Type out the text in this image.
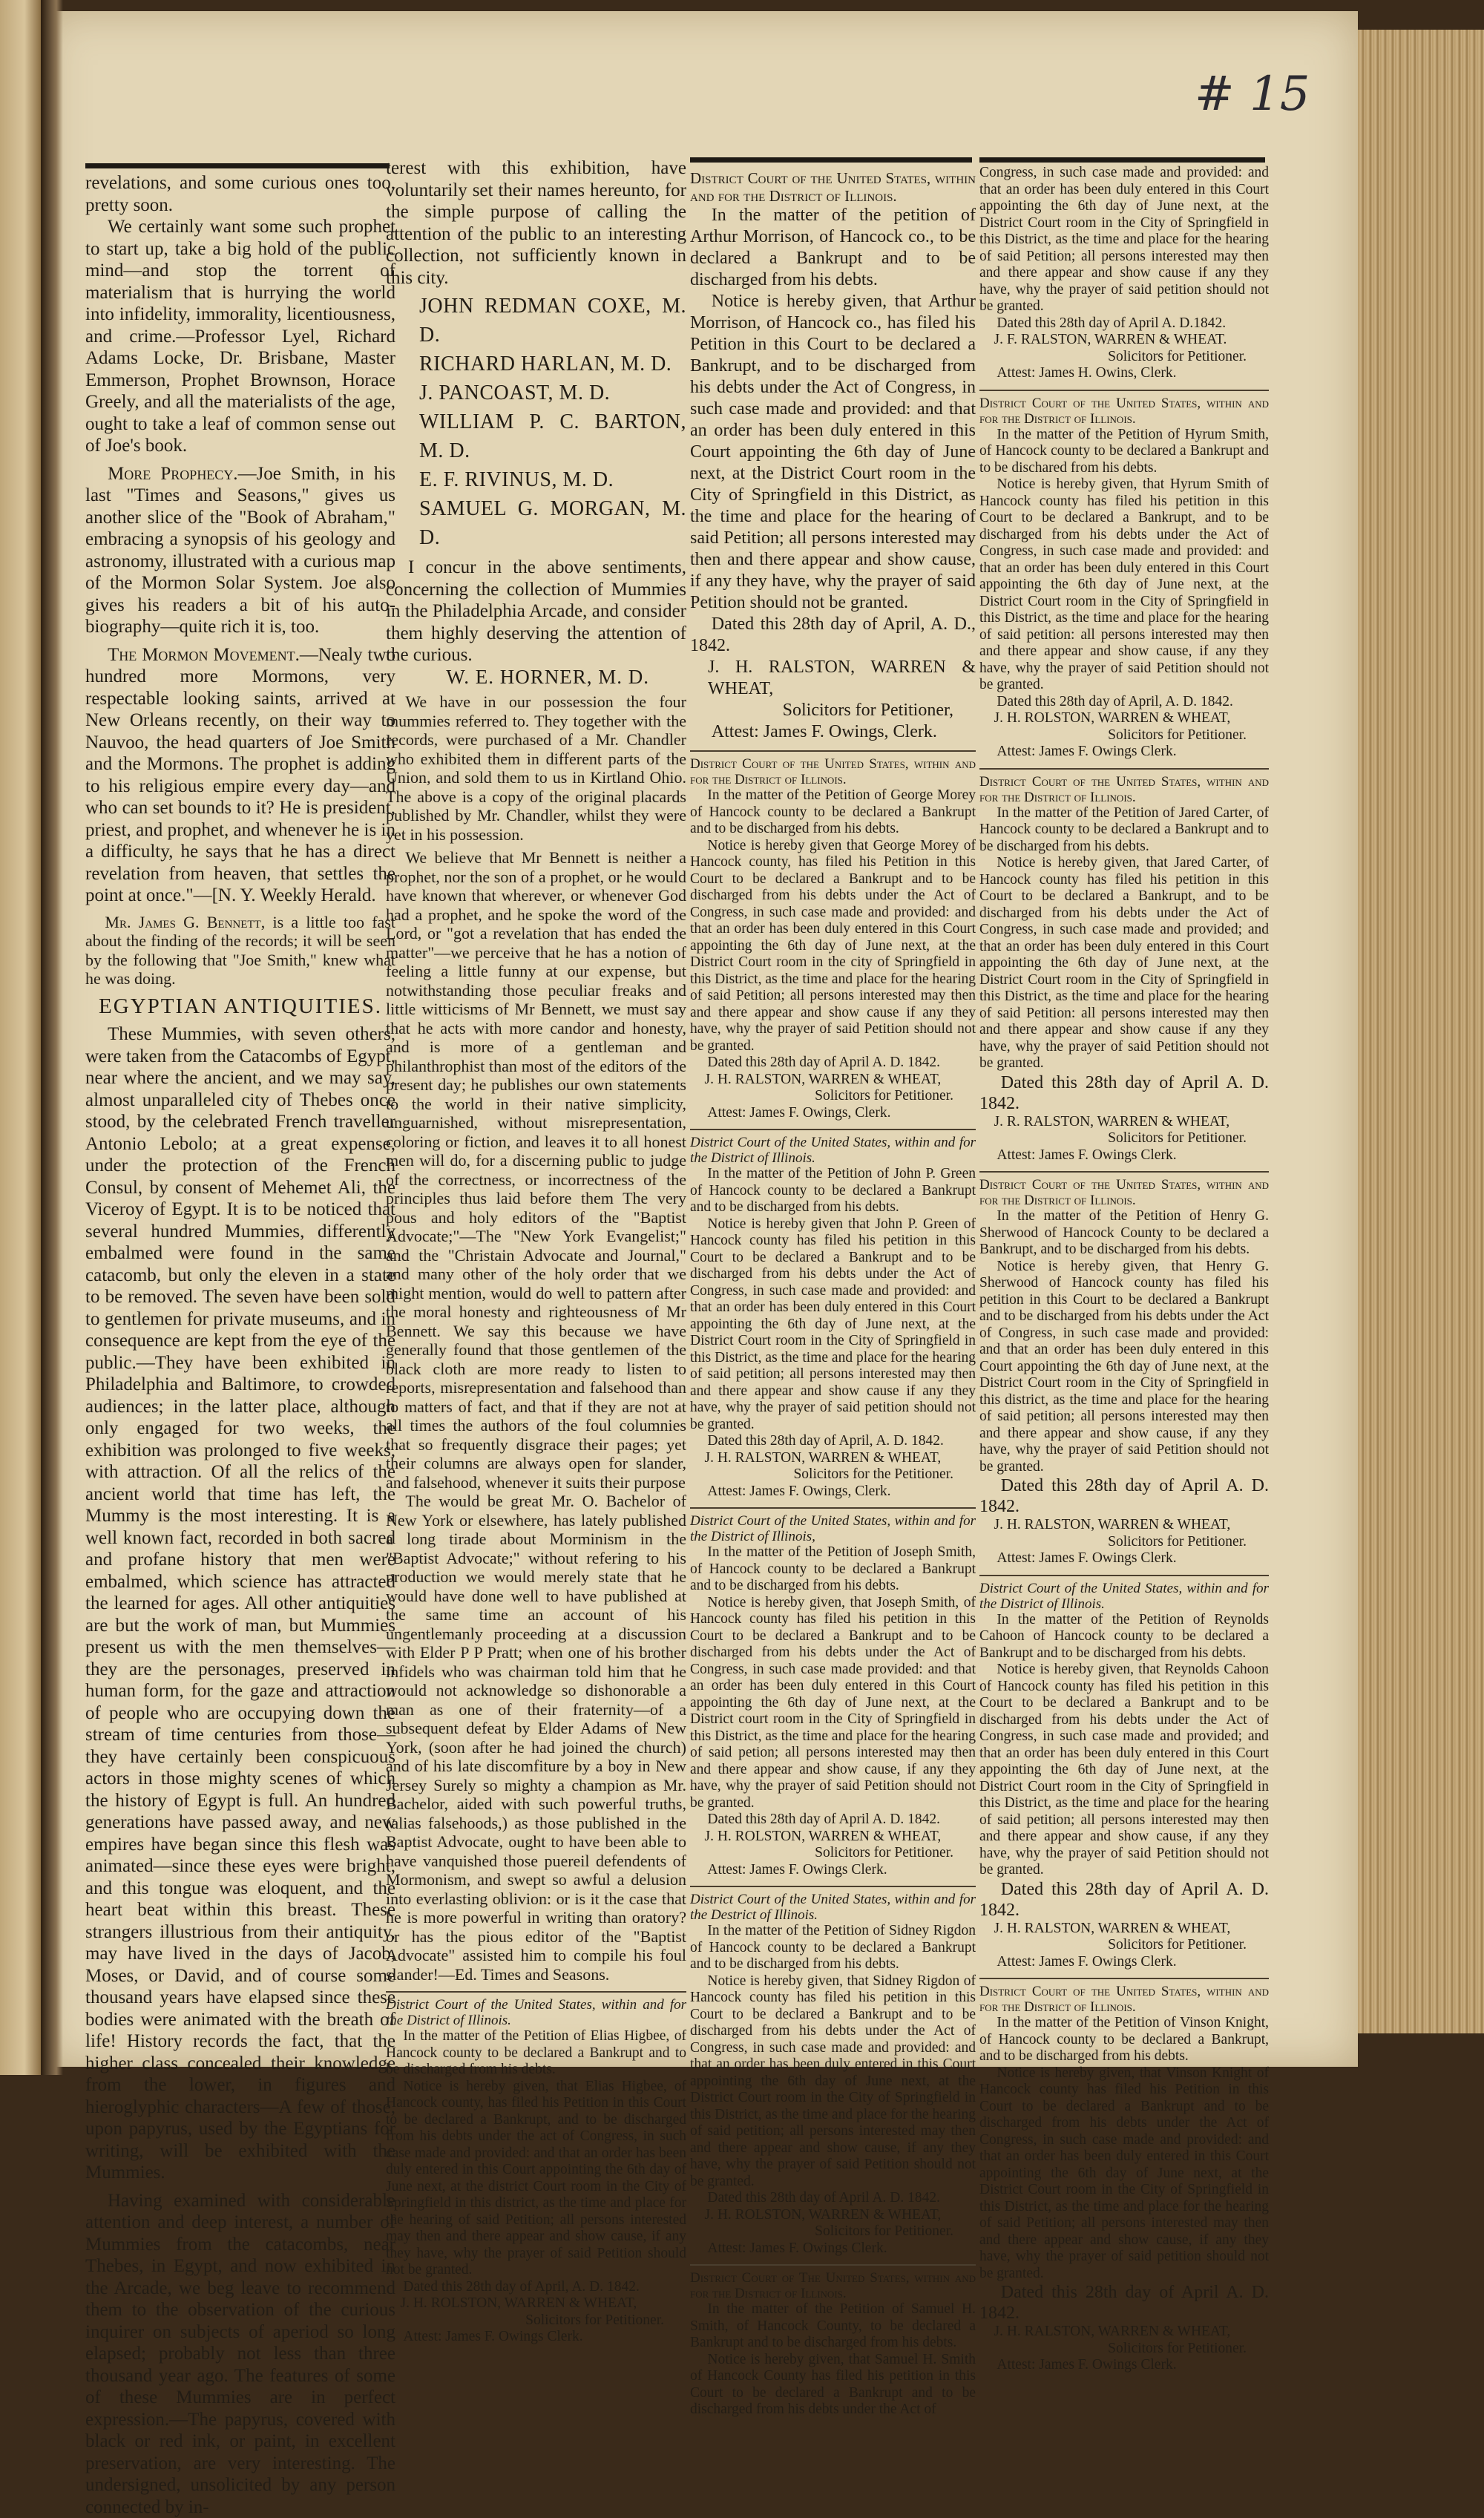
# 15

revelations, and some curious ones too, pretty soon.

We certainly want some such prophet to start up, take a big hold of the public mind—and stop the torrent of materialism that is hurrying the world into infidelity, immorality, licentiousness, and crime.—Professor Lyel, Richard Adams Locke, Dr. Brisbane, Master Emmerson, Prophet Brownson, Horace Greely, and all the materialists of the age, ought to take a leaf of common sense out of Joe's book.

More Prophecy.—Joe Smith, in his last "Times and Seasons," gives us another slice of the "Book of Abraham," embracing a synopsis of his geology and astronomy, illustrated with a curious map of the Mormon Solar System. Joe also gives his readers a bit of his auto-biography—quite rich it is, too.

The Mormon Movement.—Nealy two hundred more Mormons, very respectable looking saints, arrived at New Orleans recently, on their way to Nauvoo, the head quarters of Joe Smith and the Mormons. The prophet is adding to his religious empire every day—and who can set bounds to it? He is president, priest, and prophet, and whenever he is in a difficulty, he says that he has a direct revelation from heaven, that settles the point at once."—[N. Y. Weekly Herald.

Mr. James G. Bennett, is a little too fast about the finding of the records; it will be seen by the following that "Joe Smith," knew what he was doing.

EGYPTIAN ANTIQUITIES.

These Mummies, with seven others, were taken from the Catacombs of Egypt, near where the ancient, and we may say, almost unparalleled city of Thebes once stood, by the celebrated French traveller Antonio Lebolo; at a great expense, under the protection of the French Consul, by consent of Mehemet Ali, the Viceroy of Egypt. It is to be noticed that several hundred Mummies, differently embalmed were found in the same catacomb, but only the eleven in a state to be removed. The seven have been sold to gentlemen for private museums, and in consequence are kept from the eye of the public.—They have been exhibited in Philadelphia and Baltimore, to crowded audiences; in the latter place, although only engaged for two weeks, the exhibition was prolonged to five weeks, with attraction. Of all the relics of the ancient world that time has left, the Mummy is the most interesting. It is a well known fact, recorded in both sacred and profane history that men were embalmed, which science has attracted the learned for ages. All other antiquities are but the work of man, but Mummies present us with the men themselves—they are the personages, preserved in human form, for the gaze and attraction of people who are occupying down the stream of time centuries from those—they have certainly been conspicuous actors in those mighty scenes of which the history of Egypt is full. An hundred generations have passed away, and new empires have began since this flesh was animated—since these eyes were bright, and this tongue was eloquent, and the heart beat within this breast. These strangers illustrious from their antiquity, may have lived in the days of Jacob, Moses, or David, and of course some thousand years have elapsed since these bodies were animated with the breath of life! History records the fact, that the higher class concealed their knowledge from the lower, in figures and hieroglyphic characters—A few of those, upon papyrus, used by the Egyptians for writing, will be exhibited with the Mummies.

Having examined with considerable attention and deep interest, a number of Mummies from the catacombs, near Thebes, in Egypt, and now exhibited in the Arcade, we beg leave to recommend them to the observation of the curious inquirer on subjects of aperiod so long elapsed; probably not less than three thousand year ago. The features of some of these Mummies are in perfect expression.—The papyrus, covered with black or red ink, or paint, in excellent preservation, are very interesting. The undersigned, unsolicited by any person connected by in-

terest with this exhibition, have voluntarily set their names hereunto, for the simple purpose of calling the attention of the public to an interesting collection, not sufficiently known in this city.

JOHN REDMAN COXE, M. D.
RICHARD HARLAN, M. D.
J. PANCOAST, M. D.
WILLIAM P. C. BARTON, M. D.
E. F. RIVINUS, M. D.
SAMUEL G. MORGAN, M. D.

I concur in the above sentiments, concerning the collection of Mummies in the Philadelphia Arcade, and consider them highly deserving the attention of the curious.

W. E. HORNER, M. D.

We have in our possession the four mummies referred to. They together with the records, were purchased of a Mr. Chandler who exhibited them in different parts of the Union, and sold them to us in Kirtland Ohio. The above is a copy of the original placards published by Mr. Chandler, whilst they were yet in his possession.

We believe that Mr Bennett is neither a prophet, nor the son of a prophet, or he would have known that wherever, or whenever God had a prophet, and he spoke the word of the Lord, or "got a revelation that has ended the matter"—we perceive that he has a notion of feeling a little funny at our expense, but notwithstanding those peculiar freaks and little witticisms of Mr Bennett, we must say that he acts with more candor and honesty, and is more of a gentleman and philanthrophist than most of the editors of the present day; he publishes our own statements to the world in their native simplicity, unguarnished, without misrepresentation, coloring or fiction, and leaves it to all honest men will do, for a discerning public to judge of the correctness, or incorrectness of the principles thus laid before them The very pous and holy editors of the "Baptist Advocate;"—The "New York Evangelist;" and the "Christain Advocate and Journal," and many other of the holy order that we might mention, would do well to pattern after the moral honesty and righteousness of Mr Bennett. We say this because we have generally found that those gentlemen of the black cloth are more ready to listen to reports, misrepresentation and falsehood than to matters of fact, and that if they are not at all times the authors of the foul columnies that so frequently disgrace their pages; yet their columns are always open for slander, and falsehood, whenever it suits their purpose

The would be great Mr. O. Bachelor of New York or elsewhere, has lately published a long tirade about Morminism in the "Baptist Advocate;" without refering to his production we would merely state that he would have done well to have published at the same time an account of his ungentlemanly proceeding at a discussion with Elder P P Pratt; when one of his brother infidels who was chairman told him that he would not acknowledge so dishonorable a man as one of their fraternity—of a subsequent defeat by Elder Adams of New York, (soon after he had joined the church) and of his late discomfiture by a boy in New Jersey Surely so mighty a champion as Mr. Bachelor, aided with such powerful truths, (alias falsehoods,) as those published in the Baptist Advocate, ought to have been able to have vanquished those puereil defendents of Mormonism, and swept so awful a delusion into everlasting oblivion: or is it the case that he is more powerful in writing than oratory? or has the pious editor of the "Baptist Advocate" assisted him to compile his foul slander!—Ed. Times and Seasons.

District Court of the United States, within and for the District of Illinois.

In the matter of the Petition of Elias Higbee, of Hancock county to be declared a Bankrupt and to be discharged from his debts.

Notice is hereby given, that Elias Higbee, of Hancock county, has filed his Petition in this Court to be declared a Bankrupt, and to be discharged from his debts under the act of Congress, in such case made and provided: and that an order has been duly entered in this Court appointing the 6th day of June next, at the district Court room in the City of Springfield in this district, as the time and place for the hearing of said Petition; all persons interested may then and there appear and show cause, if any they have, why the prayer of said Petition should not be granted.

Dated this 28th day of April, A. D. 1842.

J. H. ROLSTON, WARREN & WHEAT,

Solicitors for Petitioner.

Attest: James F. Owings Clerk.

District Court of the United States, within and for the District of Illinois.

In the matter of the petition of Arthur Morrison, of Hancock co., to be declared a Bankrupt and to be discharged from his debts.

Notice is hereby given, that Arthur Morrison, of Hancock co., has filed his Petition in this Court to be declared a Bankrupt, and to be discharged from his debts under the Act of Congress, in such case made and provided: and that an order has been duly entered in this Court appointing the 6th day of June next, at the District Court room in the City of Springfield in this District, as the time and place for the hearing of said Petition; all persons interested may then and there appear and show cause, if any they have, why the prayer of said Petition should not be granted.

Dated this 28th day of April, A. D., 1842.

J. H. RALSTON, WARREN & WHEAT,

Solicitors for Petitioner,

Attest: James F. Owings, Clerk.

District Court of the United States, within and for the District of Illinois.

In the matter of the Petition of George Morey of Hancock county to be declared a Bankrupt and to be discharged from his debts.

Notice is hereby given that George Morey of Hancock county, has filed his Petition in this Court to be declared a Bankrupt and to be discharged from his debts under the Act of Congress, in such case made and provided: and that an order has been duly entered in this Court appointing the 6th day of June next, at the District Court room in the city of Springfield in this District, as the time and place for the hearing of said Petition; all persons interested may then and there appear and show cause if any they have, why the prayer of said Petition should not be granted.

Dated this 28th day of April A. D. 1842.

J. H. RALSTON, WARREN & WHEAT,

Solicitors for Petitioner.

Attest: James F. Owings, Clerk.

District Court of the United States, within and for the District of Illinois.

In the matter of the Petition of John P. Green of Hancock county to be declared a Bankrupt and to be discharged from his debts.

Notice is hereby given that John P. Green of Hancock county has filed his petition in this Court to be declared a Bankrupt and to be discharged from his debts under the Act of Congress, in such case made and provided: and that an order has been duly entered in this Court appointing the 6th day of June next, at the District Court room in the City of Springfield in this District, as the time and place for the hearing of said petition; all persons interested may then and there appear and show cause if any they have, why the prayer of said petition should not be granted.

Dated this 28th day of April, A. D. 1842.

J. H. RALSTON, WARREN & WHEAT,

Solicitors for the Petitioner.

Attest: James F. Owings, Clerk.

District Court of the United States, within and for the District of Illinois,

In the matter of the Petition of Joseph Smith, of Hancock county to be declared a Bankrupt and to be discharged from his debts.

Notice is hereby given, that Joseph Smith, of Hancock county has filed his petition in this Court to be declared a Bankrupt and to be discharged from his debts under the Act of Congress, in such case made provided: and that an order has been duly entered in this Court appointing the 6th day of June next, at the District court room in the City of Springfield in this District, as the time and place for the hearing of said petion; all persons interested may then and there appear and show cause, if any they have, why the prayer of said Petition should not be granted.

Dated this 28th day of April A. D. 1842.

J. H. ROLSTON, WARREN & WHEAT,

Solicitors for Petitioner.

Attest: James F. Owings Clerk.

District Court of the United States, within and for the Destrict of Illinois.

In the matter of the Petition of Sidney Rigdon of Hancock county to be declared a Bankrupt and to be discharged from his debts.

Notice is hereby given, that Sidney Rigdon of Hancock county has filed his petition in this Court to be declared a Bankrupt and to be discharged from his debts under the Act of Congress, in such case made and provided: and that an order has been duly entered in this Court appointing the 6th day of June next, at the District Court room in the City of Springfield in this District, as the time and place for the hearing of said petition; all persons interested may then and there appear and show cause, if any they have, why the prayer of said Petition should not be granted.

Dated this 28th day of April A. D. 1842.

J. H. ROLSTON, WARREN & WHEAT,

Solicitors for Petitioner.

Attest: James F. Owings Clerk.

District Court of The United States, within and for the District of Illinois.

In the matter of the Petition of Samuel H. Smith, of Hancock County, to be declared a Bankrupt and to be discharged from his debts.

Notice is hereby given, that Samuel H. Smith of Hancock County has filed his petition in this Court to be declared a Bankrupt and to be discharged from his debts under the Act of

Congress, in such case made and provided: and that an order has been duly entered in this Court appointing the 6th day of June next, at the District Court room in the City of Springfield in this District, as the time and place for the hearing of said Petition; all persons interested may then and there appear and show cause if any they have, why the prayer of said petition should not be granted.

Dated this 28th day of April A. D.1842.

J. F. RALSTON, WARREN & WHEAT.

Solicitors for Petitioner.

Attest: James H. Owins, Clerk.

District Court of the United States, within and for the District of Illinois.

In the matter of the Petition of Hyrum Smith, of Hancock county to be declared a Bankrupt and to be dischared from his debts.

Notice is hereby given, that Hyrum Smith of Hancock county has filed his petition in this Court to be declared a Bankrupt, and to be discharged from his debts under the Act of Congress, in such case made and provided: and that an order has been duly entered in this Court appointing the 6th day of June next, at the District Court room in the City of Springfield in this District, as the time and place for the hearing of said petition: all persons interested may then and there appear and show cause, if any they have, why the prayer of said Petition should not be granted.

Dated this 28th day of April, A. D. 1842.

J. H. ROLSTON, WARREN & WHEAT,

Solicitors for Petitioner.

Attest: James F. Owings Clerk.

District Court of the United States, within and for the District of Illinois.

In the matter of the Petition of Jared Carter, of Hancock county to be declared a Bankrupt and to be discharged from his debts.

Notice is hereby given, that Jared Carter, of Hancock county has filed his petition in this Court to be declared a Bankrupt, and to be discharged from his debts under the Act of Congress, in such case made and provided; and that an order has been duly entered in this Court appointing the 6th day of June next, at the District Court room in the City of Springfield in this District, as the time and place for the hearing of said Petition: all persons interested may then and there appear and show cause if any they have, why the prayer of said Petition should not be granted.

Dated this 28th day of April A. D. 1842.

J. R. RALSTON, WARREN & WHEAT,

Solicitors for Petitioner.

Attest: James F. Owings Clerk.

District Court of the United States, within and for the District of Illinois.

In the matter of the Petition of Henry G. Sherwood of Hancock County to be declared a Bankrupt, and to be discharged from his debts.

Notice is hereby given, that Henry G. Sherwood of Hancock county has filed his petition in this Court to be declared a Bankrupt and to be discharged from his debts under the Act of Congress, in such case made and provided: and that an order has been duly entered in this Court appointing the 6th day of June next, at the District Court room in the City of Springfield in this district, as the time and place for the hearing of said petition; all persons interested may then and there appear and show cause, if any they have, why the prayer of said Petition should not be granted.

Dated this 28th day of April A. D. 1842.

J. H. RALSTON, WARREN & WHEAT,

Solicitors for Petitioner.

Attest: James F. Owings Clerk.

District Court of the United States, within and for the District of Illinois.

In the matter of the Petition of Reynolds Cahoon of Hancock county to be declared a Bankrupt and to be discharged from his debts.

Notice is hereby given, that Reynolds Cahoon of Hancock county has filed his petition in this Court to be declared a Bankrupt and to be discharged from his debts under the Act of Congress, in such case made and provided; and that an order has been duly entered in this Court appointing the 6th day of June next, at the District Court room in the City of Springfield in this District, as the time and place for the hearing of said petition; all persons interested may then and there appear and show cause, if any they have, why the prayer of said Petition should not be granted.

Dated this 28th day of April A. D. 1842.

J. H. RALSTON, WARREN & WHEAT,

Solicitors for Petitioner.

Attest: James F. Owings Clerk.

District Court of the United States, within and for the District of Illinois.

In the matter of the Petition of Vinson Knight, of Hancock county to be declared a Bankrupt, and to be discharged from his debts.

Notice is hereby given, that Vinson Knight of Hancock county has filed his Petition in this Court to be declared a Bankrupt and to be discharged from his debts under the Act of Congress, in such case made and provided: and that an order has been duly entered in this Court appointing the 6th day of June next, at the District Court room in the City of Springfield in this District, as the time and place for the hearing of said Petition; all persons interested may then and there appear and show cause, if any they have, why the prayer of said petition should not be granted.

Dated this 28th day of April A. D. 1842.

J. H. RALSTON, WARREN & WHEAT,

Solicitors for Petitioner.

Attest: James F. Owings Clerk.
